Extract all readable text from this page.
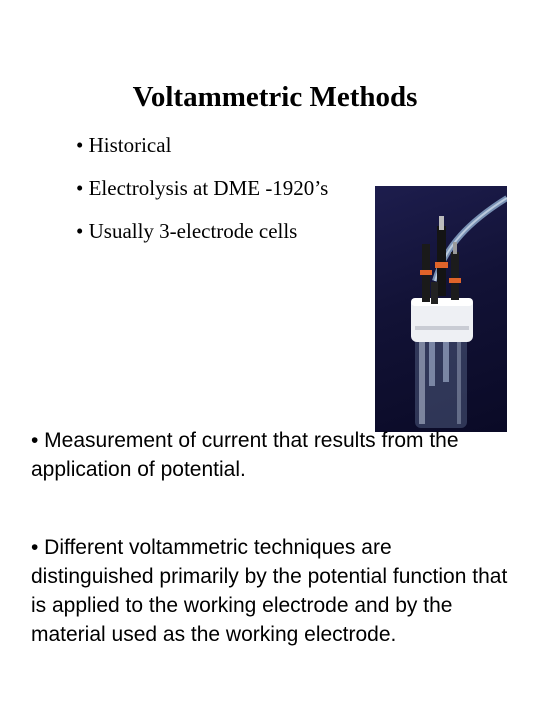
Voltammetric Methods
• Historical
• Electrolysis at DME -1920’s
• Usually 3-electrode cells

• Measurement of current that results from the application of potential.

• Different voltammetric techniques are distinguished primarily by the potential function that is applied to the working electrode and by the material used as the working electrode.
